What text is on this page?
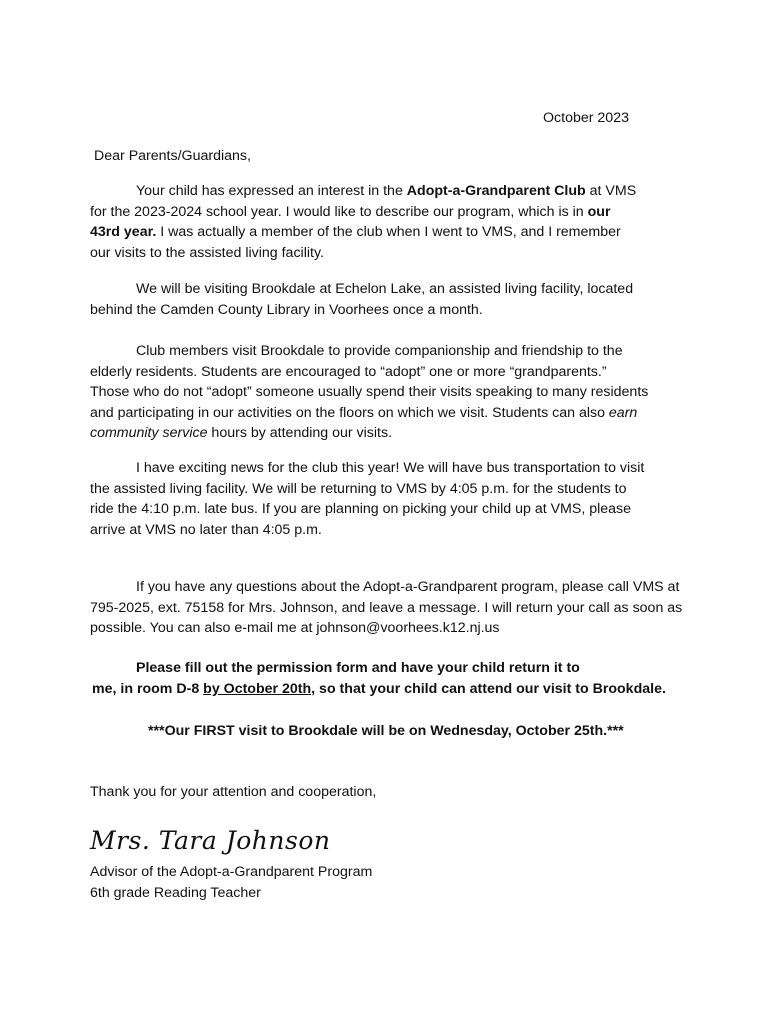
October 2023
Dear Parents/Guardians,
Your child has expressed an interest in the Adopt-a-Grandparent Club at VMS
for the 2023-2024 school year. I would like to describe our program, which is in our
43rd year. I was actually a member of the club when I went to VMS, and I remember
our visits to the assisted living facility.
We will be visiting Brookdale at Echelon Lake, an assisted living facility, located
behind the Camden County Library in Voorhees once a month.
Club members visit Brookdale to provide companionship and friendship to the
elderly residents. Students are encouraged to “adopt” one or more “grandparents.”
Those who do not “adopt” someone usually spend their visits speaking to many residents
and participating in our activities on the floors on which we visit. Students can also earn
community service hours by attending our visits.
I have exciting news for the club this year! We will have bus transportation to visit
the assisted living facility. We will be returning to VMS by 4:05 p.m. for the students to
ride the 4:10 p.m. late bus. If you are planning on picking your child up at VMS, please
arrive at VMS no later than 4:05 p.m.
If you have any questions about the Adopt-a-Grandparent program, please call VMS at
795-2025, ext. 75158 for Mrs. Johnson, and leave a message. I will return your call as soon as
possible. You can also e-mail me at johnson@voorhees.k12.nj.us
Please fill out the permission form and have your child return it to
me, in room D-8 by October 20th, so that your child can attend our visit to Brookdale.
***Our FIRST visit to Brookdale will be on Wednesday, October 25th.***
Thank you for your attention and cooperation,
Mrs. Tara Johnson
Advisor of the Adopt-a-Grandparent Program
6th grade Reading Teacher
